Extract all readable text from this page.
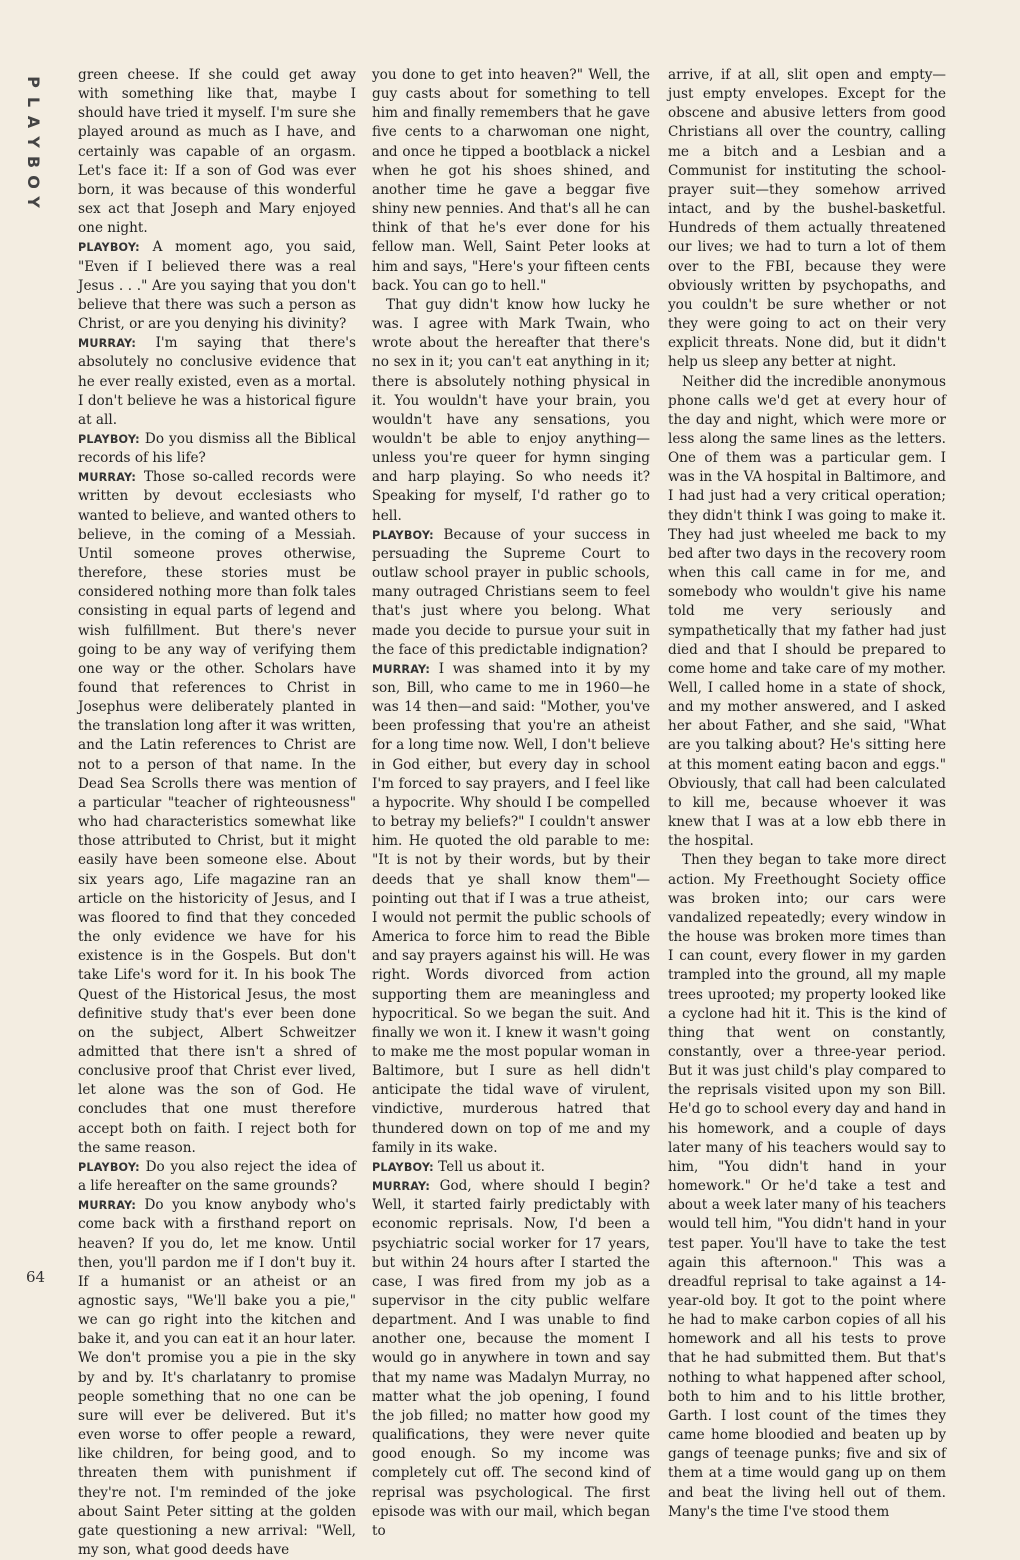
P
L
A
Y
B
O
Y
64

green cheese. If she could get away with something like that, maybe I should have tried it myself. I'm sure she played around as much as I have, and certainly was capable of an orgasm. Let's face it: If a son of God was ever born, it was because of this wonderful sex act that Joseph and Mary enjoyed one night.

PLAYBOY: A moment ago, you said, "Even if I believed there was a real Jesus . . ." Are you saying that you don't believe that there was such a person as Christ, or are you denying his divinity?

MURRAY: I'm saying that there's absolutely no conclusive evidence that he ever really existed, even as a mortal. I don't believe he was a historical figure at all.

PLAYBOY: Do you dismiss all the Biblical records of his life?

MURRAY: Those so-called records were written by devout ecclesiasts who wanted to believe, and wanted others to believe, in the coming of a Messiah. Until someone proves otherwise, therefore, these stories must be considered nothing more than folk tales consisting in equal parts of legend and wish fulfillment. But there's never going to be any way of verifying them one way or the other. Scholars have found that references to Christ in Josephus were deliberately planted in the translation long after it was written, and the Latin references to Christ are not to a person of that name. In the Dead Sea Scrolls there was mention of a particular "teacher of righteousness" who had characteristics somewhat like those attributed to Christ, but it might easily have been someone else. About six years ago, Life magazine ran an article on the historicity of Jesus, and I was floored to find that they conceded the only evidence we have for his existence is in the Gospels. But don't take Life's word for it. In his book The Quest of the Historical Jesus, the most definitive study that's ever been done on the subject, Albert Schweitzer admitted that there isn't a shred of conclusive proof that Christ ever lived, let alone was the son of God. He concludes that one must therefore accept both on faith. I reject both for the same reason.

PLAYBOY: Do you also reject the idea of a life hereafter on the same grounds?

MURRAY: Do you know anybody who's come back with a firsthand report on heaven? If you do, let me know. Until then, you'll pardon me if I don't buy it. If a humanist or an atheist or an agnostic says, "We'll bake you a pie," we can go right into the kitchen and bake it, and you can eat it an hour later. We don't promise you a pie in the sky by and by. It's charlatanry to promise people something that no one can be sure will ever be delivered. But it's even worse to offer people a reward, like children, for being good, and to threaten them with punishment if they're not. I'm reminded of the joke about Saint Peter sitting at the golden gate questioning a new arrival: "Well, my son, what good deeds have

you done to get into heaven?" Well, the guy casts about for something to tell him and finally remembers that he gave five cents to a charwoman one night, and once he tipped a bootblack a nickel when he got his shoes shined, and another time he gave a beggar five shiny new pennies. And that's all he can think of that he's ever done for his fellow man. Well, Saint Peter looks at him and says, "Here's your fifteen cents back. You can go to hell."

That guy didn't know how lucky he was. I agree with Mark Twain, who wrote about the hereafter that there's no sex in it; you can't eat anything in it; there is absolutely nothing physical in it. You wouldn't have your brain, you wouldn't have any sensations, you wouldn't be able to enjoy anything—unless you're queer for hymn singing and harp playing. So who needs it? Speaking for myself, I'd rather go to hell.

PLAYBOY: Because of your success in persuading the Supreme Court to outlaw school prayer in public schools, many outraged Christians seem to feel that's just where you belong. What made you decide to pursue your suit in the face of this predictable indignation?

MURRAY: I was shamed into it by my son, Bill, who came to me in 1960—he was 14 then—and said: "Mother, you've been professing that you're an atheist for a long time now. Well, I don't believe in God either, but every day in school I'm forced to say prayers, and I feel like a hypocrite. Why should I be compelled to betray my beliefs?" I couldn't answer him. He quoted the old parable to me: "It is not by their words, but by their deeds that ye shall know them"—pointing out that if I was a true atheist, I would not permit the public schools of America to force him to read the Bible and say prayers against his will. He was right. Words divorced from action supporting them are meaningless and hypocritical. So we began the suit. And finally we won it. I knew it wasn't going to make me the most popular woman in Baltimore, but I sure as hell didn't anticipate the tidal wave of virulent, vindictive, murderous hatred that thundered down on top of me and my family in its wake.

PLAYBOY: Tell us about it.

MURRAY: God, where should I begin? Well, it started fairly predictably with economic reprisals. Now, I'd been a psychiatric social worker for 17 years, but within 24 hours after I started the case, I was fired from my job as a supervisor in the city public welfare department. And I was unable to find another one, because the moment I would go in anywhere in town and say that my name was Madalyn Murray, no matter what the job opening, I found the job filled; no matter how good my qualifications, they were never quite good enough. So my income was completely cut off. The second kind of reprisal was psychological. The first episode was with our mail, which began to

arrive, if at all, slit open and empty—just empty envelopes. Except for the obscene and abusive letters from good Christians all over the country, calling me a bitch and a Lesbian and a Communist for instituting the school-prayer suit—they somehow arrived intact, and by the bushel-basketful. Hundreds of them actually threatened our lives; we had to turn a lot of them over to the FBI, because they were obviously written by psychopaths, and you couldn't be sure whether or not they were going to act on their very explicit threats. None did, but it didn't help us sleep any better at night.

Neither did the incredible anonymous phone calls we'd get at every hour of the day and night, which were more or less along the same lines as the letters. One of them was a particular gem. I was in the VA hospital in Baltimore, and I had just had a very critical operation; they didn't think I was going to make it. They had just wheeled me back to my bed after two days in the recovery room when this call came in for me, and somebody who wouldn't give his name told me very seriously and sympathetically that my father had just died and that I should be prepared to come home and take care of my mother. Well, I called home in a state of shock, and my mother answered, and I asked her about Father, and she said, "What are you talking about? He's sitting here at this moment eating bacon and eggs." Obviously, that call had been calculated to kill me, because whoever it was knew that I was at a low ebb there in the hospital.

Then they began to take more direct action. My Freethought Society office was broken into; our cars were vandalized repeatedly; every window in the house was broken more times than I can count, every flower in my garden trampled into the ground, all my maple trees uprooted; my property looked like a cyclone had hit it. This is the kind of thing that went on constantly, constantly, over a three-year period. But it was just child's play compared to the reprisals visited upon my son Bill. He'd go to school every day and hand in his homework, and a couple of days later many of his teachers would say to him, "You didn't hand in your homework." Or he'd take a test and about a week later many of his teachers would tell him, "You didn't hand in your test paper. You'll have to take the test again this afternoon." This was a dreadful reprisal to take against a 14-year-old boy. It got to the point where he had to make carbon copies of all his homework and all his tests to prove that he had submitted them. But that's nothing to what happened after school, both to him and to his little brother, Garth. I lost count of the times they came home bloodied and beaten up by gangs of teenage punks; five and six of them at a time would gang up on them and beat the living hell out of them. Many's the time I've stood them
